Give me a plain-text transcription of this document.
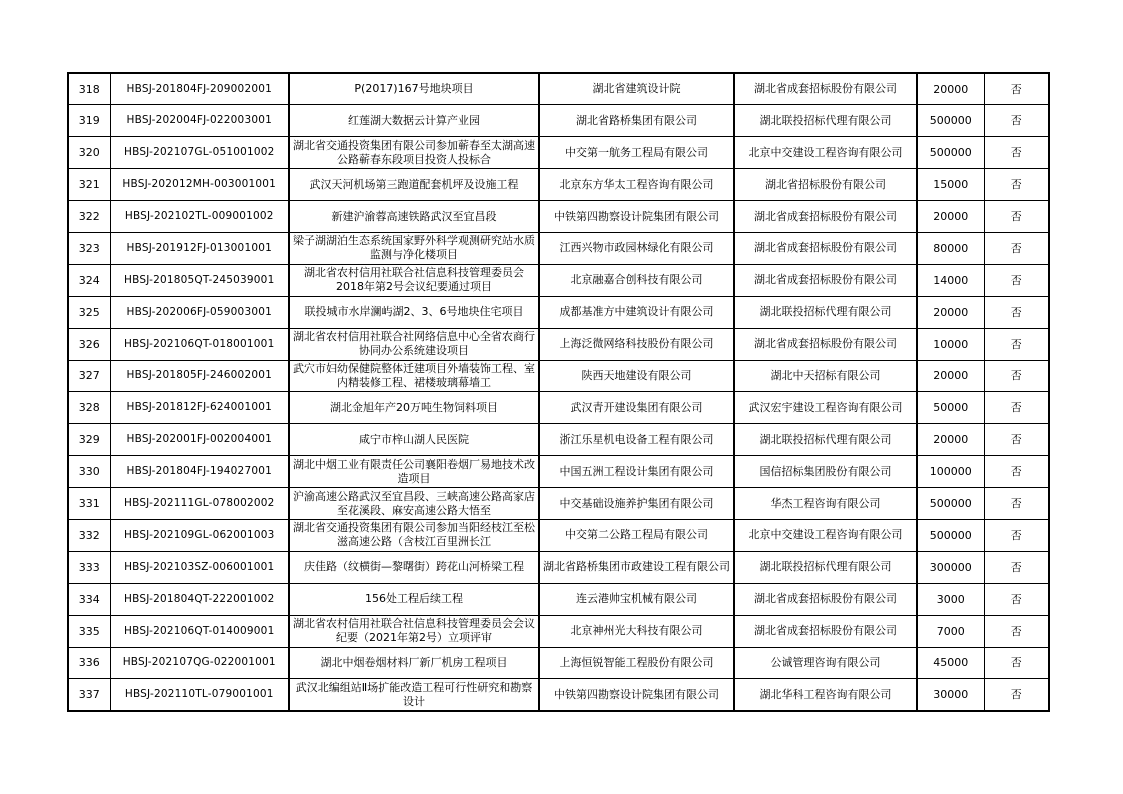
318	HBSJ-201804FJ-209002001	P(2017)167号地块项目	湖北省建筑设计院	湖北省成套招标股份有限公司	20000	否

319	HBSJ-202004FJ-022003001	红莲湖大数据云计算产业园	湖北省路桥集团有限公司	湖北联投招标代理有限公司	500000	否

320	HBSJ-202107GL-051001002	湖北省交通投资集团有限公司参加蕲春至太湖高速公路蕲春东段项目投资人投标合	中交第一航务工程局有限公司	北京中交建设工程咨询有限公司	500000	否

321	HBSJ-202012MH-003001001	武汉天河机场第三跑道配套机坪及设施工程	北京东方华太工程咨询有限公司	湖北省招标股份有限公司	15000	否

322	HBSJ-202102TL-009001002	新建沪渝蓉高速铁路武汉至宜昌段	中铁第四勘察设计院集团有限公司	湖北省成套招标股份有限公司	20000	否

323	HBSJ-201912FJ-013001001	梁子湖湖泊生态系统国家野外科学观测研究站水质监测与净化楼项目	江西兴物市政园林绿化有限公司	湖北省成套招标股份有限公司	80000	否

324	HBSJ-201805QT-245039001	湖北省农村信用社联合社信息科技管理委员会2018年第2号会议纪要通过项目	北京融嘉合创科技有限公司	湖北省成套招标股份有限公司	14000	否

325	HBSJ-202006FJ-059003001	联投城市水岸澜屿湖2、3、6号地块住宅项目	成都基准方中建筑设计有限公司	湖北联投招标代理有限公司	20000	否

326	HBSJ-202106QT-018001001	湖北省农村信用社联合社网络信息中心全省农商行协同办公系统建设项目	上海泛微网络科技股份有限公司	湖北省成套招标股份有限公司	10000	否

327	HBSJ-201805FJ-246002001	武穴市妇幼保健院整体迁建项目外墙装饰工程、室内精装修工程、裙楼玻璃幕墙工	陕西天地建设有限公司	湖北中天招标有限公司	20000	否

328	HBSJ-201812FJ-624001001	湖北金旭年产20万吨生物饲料项目	武汉青开建设集团有限公司	武汉宏宇建设工程咨询有限公司	50000	否

329	HBSJ-202001FJ-002004001	咸宁市梓山湖人民医院	浙江乐星机电设备工程有限公司	湖北联投招标代理有限公司	20000	否

330	HBSJ-201804FJ-194027001	湖北中烟工业有限责任公司襄阳卷烟厂易地技术改造项目	中国五洲工程设计集团有限公司	国信招标集团股份有限公司	100000	否

331	HBSJ-202111GL-078002002	沪渝高速公路武汉至宜昌段、三峡高速公路高家店至花溪段、麻安高速公路大悟至	中交基础设施养护集团有限公司	华杰工程咨询有限公司	500000	否

332	HBSJ-202109GL-062001003	湖北省交通投资集团有限公司参加当阳经枝江至松滋高速公路（含枝江百里洲长江	中交第二公路工程局有限公司	北京中交建设工程咨询有限公司	500000	否

333	HBSJ-202103SZ-006001001	庆佳路（纹横街—黎曙街）跨花山河桥梁工程	湖北省路桥集团市政建设工程有限公司	湖北联投招标代理有限公司	300000	否

334	HBSJ-201804QT-222001002	156处工程后续工程	连云港帅宝机械有限公司	湖北省成套招标股份有限公司	3000	否

335	HBSJ-202106QT-014009001	湖北省农村信用社联合社信息科技管理委员会会议纪要（2021年第2号）立项评审	北京神州光大科技有限公司	湖北省成套招标股份有限公司	7000	否

336	HBSJ-202107QG-022001001	湖北中烟卷烟材料厂新厂机房工程项目	上海恒锐智能工程股份有限公司	公诚管理咨询有限公司	45000	否

337	HBSJ-202110TL-079001001	武汉北编组站Ⅱ场扩能改造工程可行性研究和勘察设计	中铁第四勘察设计院集团有限公司	湖北华科工程咨询有限公司	30000	否
